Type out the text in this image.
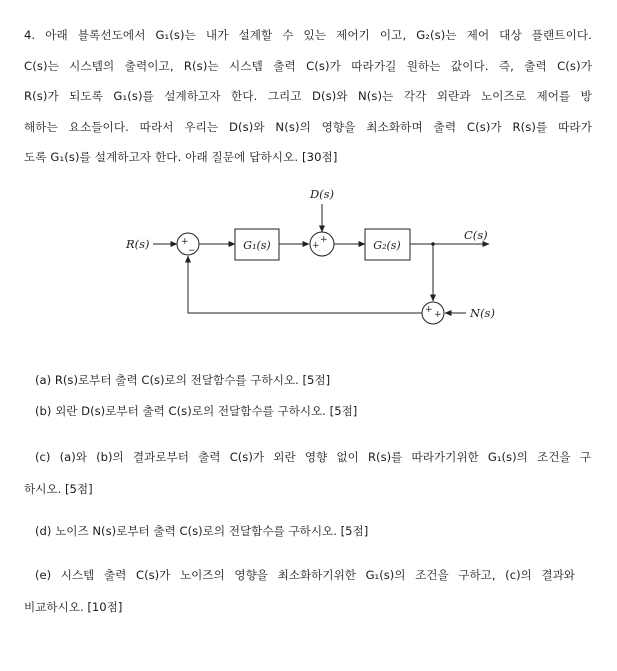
4. 아래 블록선도에서 G₁(s)는 내가 설계할 수 있는 제어기 이고, G₂(s)는 제어 대상 플랜트이다.
C(s)는 시스템의 출력이고, R(s)는 시스템 출력 C(s)가 따라가길 원하는 값이다. 즉, 출력 C(s)가
R(s)가 되도록 G₁(s)를 설계하고자 한다. 그리고 D(s)와 N(s)는 각각 외란과 노이즈로 제어를 방
해하는 요소들이다. 따라서 우리는 D(s)와 N(s)의 영향을 최소화하며 출력 C(s)가 R(s)를 따라가
도록 G₁(s)를 설계하고자 한다. 아래 질문에 답하시오. [30점]
R(s)	+
−	G₁(s)
D(s)
+
+	G₂(s)
C(s)
+ + N(s)
(a) R(s)로부터 출력 C(s)로의 전달함수를 구하시오. [5점]
(b) 외란 D(s)로부터 출력 C(s)로의 전달함수를 구하시오. [5점]
(c) (a)와 (b)의 결과로부터 출력 C(s)가 외란 영향 없이 R(s)를 따라가기위한 G₁(s)의 조건을 구
하시오. [5점]
(d) 노이즈 N(s)로부터 출력 C(s)로의 전달함수를 구하시오. [5점]
(e) 시스템 출력 C(s)가 노이즈의 영향을 최소화하기위한 G₁(s)의 조건을 구하고, (c)의 결과와
비교하시오. [10점]
